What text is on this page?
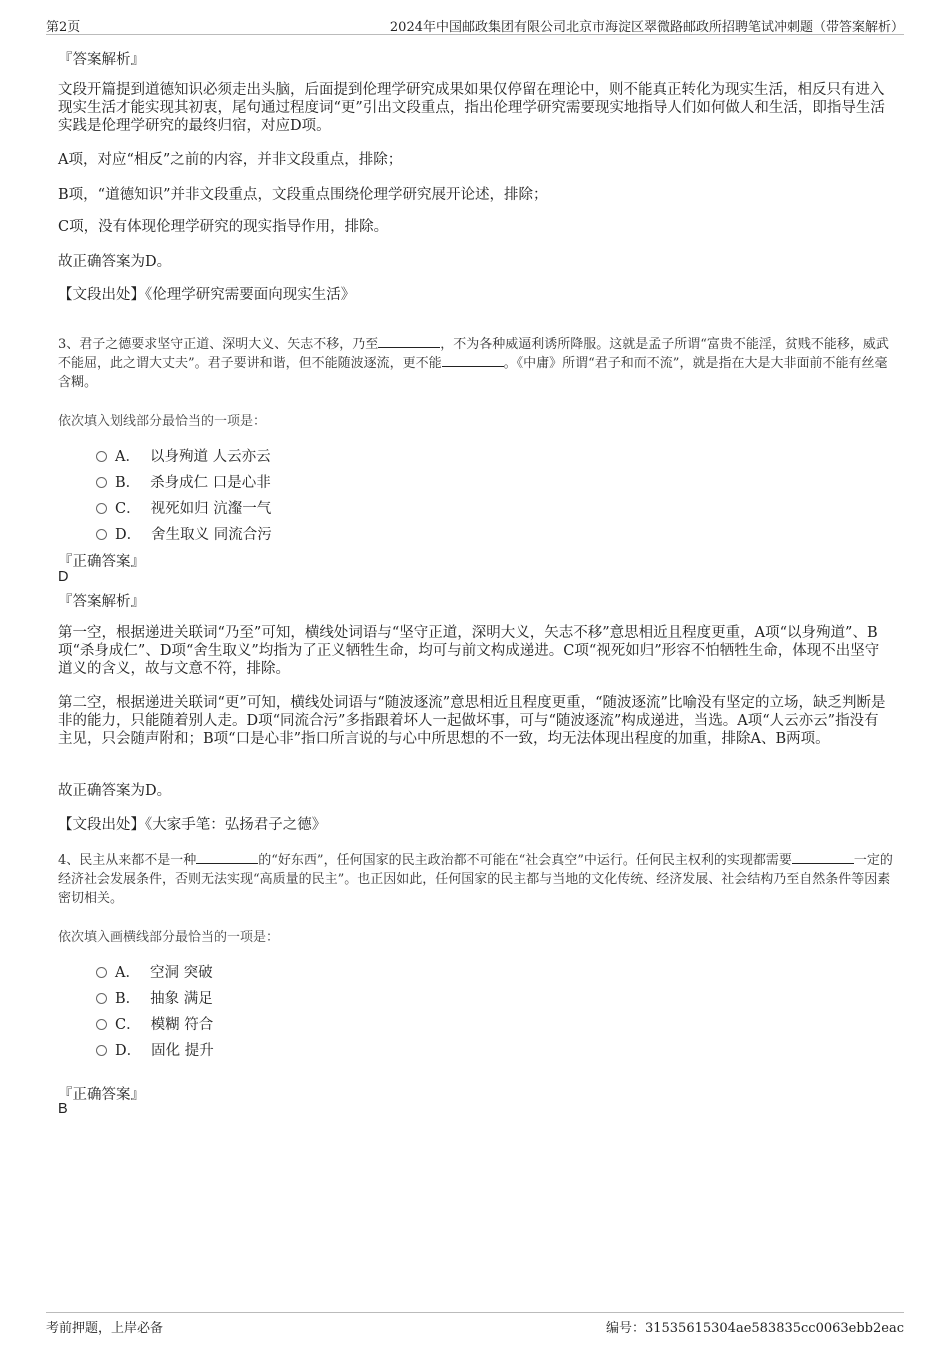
第2页	2024年中国邮政集团有限公司北京市海淀区翠微路邮政所招聘笔试冲刺题（带答案解析）
『答案解析』
文段开篇提到道德知识必须走出头脑，后面提到伦理学研究成果如果仅停留在理论中，则不能真正转化为现实生活，相反只有进入现实生活才能实现其初衷，尾句通过程度词“更”引出文段重点，指出伦理学研究需要现实地指导人们如何做人和生活，即指导生活实践是伦理学研究的最终归宿，对应D项。
A项，对应“相反”之前的内容，并非文段重点，排除；
B项，“道德知识”并非文段重点，文段重点围绕伦理学研究展开论述，排除；
C项，没有体现伦理学研究的现实指导作用，排除。
故正确答案为D。
【文段出处】《伦理学研究需要面向现实生活》
3、君子之德要求坚守正道、深明大义、矢志不移，乃至	，不为各种威逼利诱所降服。这就是孟子所谓“富贵不能淫，贫贱不能移，威武不能屈，此之谓大丈夫”。君子要讲和谐，但不能随波逐流，更不能	。《中庸》所谓“君子和而不流”，就是指在大是大非面前不能有丝毫含糊。
依次填入划线部分最恰当的一项是：
A． 以身殉道 人云亦云
B． 杀身成仁 口是心非
C． 视死如归 沆瀣一气
D． 舍生取义 同流合污
『正确答案』
D
『答案解析』
第一空，根据递进关联词“乃至”可知，横线处词语与“坚守正道，深明大义，矢志不移”意思相近且程度更重，A项“以身殉道”、B项“杀身成仁”、D项“舍生取义”均指为了正义牺牲生命，均可与前文构成递进。C项“视死如归”形容不怕牺牲生命，体现不出坚守道义的含义，故与文意不符，排除。
第二空，根据递进关联词“更”可知，横线处词语与“随波逐流”意思相近且程度更重，“随波逐流”比喻没有坚定的立场，缺乏判断是非的能力，只能随着别人走。D项“同流合污”多指跟着坏人一起做坏事，可与“随波逐流”构成递进，当选。A项“人云亦云”指没有主见，只会随声附和；B项“口是心非”指口所言说的与心中所思想的不一致，均无法体现出程度的加重，排除A、B两项。
故正确答案为D。
【文段出处】《大家手笔：弘扬君子之德》
4、民主从来都不是一种	的“好东西”，任何国家的民主政治都不可能在“社会真空”中运行。任何民主权利的实现都需要	一定的经济社会发展条件，否则无法实现“高质量的民主”。也正因如此，任何国家的民主都与当地的文化传统、经济发展、社会结构乃至自然条件等因素密切相关。
依次填入画横线部分最恰当的一项是：
A． 空洞 突破
B． 抽象 满足
C． 模糊 符合
D． 固化 提升
『正确答案』
B
考前押题，上岸必备	编号：31535615304ae583835cc0063ebb2eac
